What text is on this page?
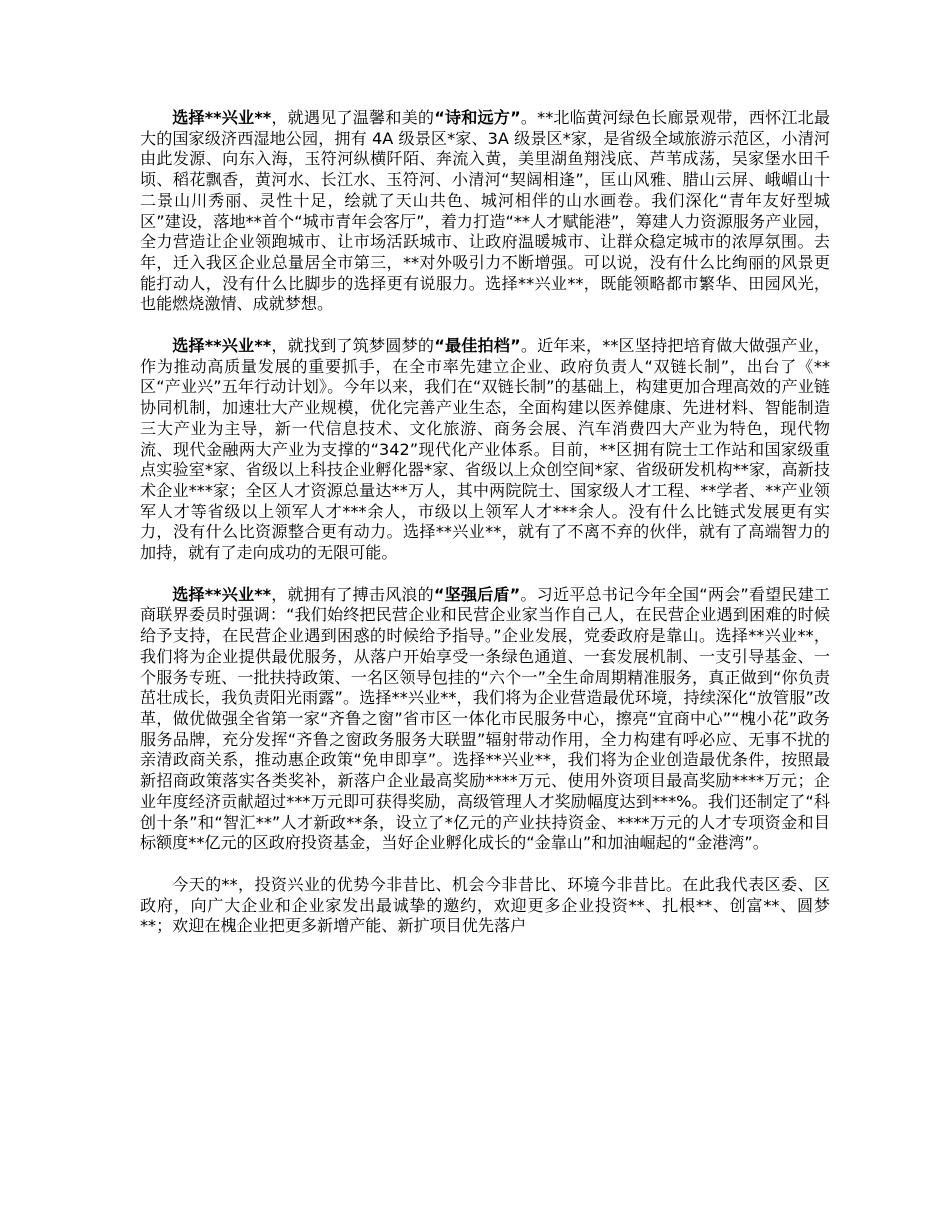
选择**兴业**，就遇见了温馨和美的“诗和远方”。**北临黄河绿色长廊景观带，西怀江北最大的国家级济西湿地公园，拥有 4A 级景区*家、3A 级景区*家，是省级全域旅游示范区，小清河由此发源、向东入海，玉符河纵横阡陌、奔流入黄，美里湖鱼翔浅底、芦苇成荡，吴家堡水田千顷、稻花飘香，黄河水、长江水、玉符河、小清河“契阔相逢”，匡山风雅、腊山云屏、峨嵋山十二景山川秀丽、灵性十足，绘就了天山共色、城河相伴的山水画卷。我们深化“青年友好型城区”建设，落地**首个“城市青年会客厅”，着力打造“**人才赋能港”，筹建人力资源服务产业园，全力营造让企业领跑城市、让市场活跃城市、让政府温暖城市、让群众稳定城市的浓厚氛围。去年，迁入我区企业总量居全市第三，**对外吸引力不断增强。可以说，没有什么比绚丽的风景更能打动人，没有什么比脚步的选择更有说服力。选择**兴业**，既能领略都市繁华、田园风光，也能燃烧激情、成就梦想。

选择**兴业**，就找到了筑梦圆梦的“最佳拍档”。近年来，**区坚持把培育做大做强产业，作为推动高质量发展的重要抓手，在全市率先建立企业、政府负责人“双链长制”，出台了《**区“产业兴”五年行动计划》。今年以来，我们在“双链长制”的基础上，构建更加合理高效的产业链协同机制，加速壮大产业规模，优化完善产业生态，全面构建以医养健康、先进材料、智能制造三大产业为主导，新一代信息技术、文化旅游、商务会展、汽车消费四大产业为特色，现代物流、现代金融两大产业为支撑的“342”现代化产业体系。目前，**区拥有院士工作站和国家级重点实验室*家、省级以上科技企业孵化器*家、省级以上众创空间*家、省级研发机构**家，高新技术企业***家；全区人才资源总量达**万人，其中两院院士、国家级人才工程、**学者、**产业领军人才等省级以上领军人才***余人，市级以上领军人才***余人。没有什么比链式发展更有实力，没有什么比资源整合更有动力。选择**兴业**，就有了不离不弃的伙伴，就有了高端智力的加持，就有了走向成功的无限可能。

选择**兴业**，就拥有了搏击风浪的“坚强后盾”。习近平总书记今年全国“两会”看望民建工商联界委员时强调：“我们始终把民营企业和民营企业家当作自己人，在民营企业遇到困难的时候给予支持，在民营企业遇到困惑的时候给予指导。”企业发展，党委政府是靠山。选择**兴业**，我们将为企业提供最优服务，从落户开始享受一条绿色通道、一套发展机制、一支引导基金、一个服务专班、一批扶持政策、一名区领导包挂的“六个一”全生命周期精准服务，真正做到“你负责茁壮成长，我负责阳光雨露”。选择**兴业**，我们将为企业营造最优环境，持续深化“放管服”改革，做优做强全省第一家“齐鲁之窗”省市区一体化市民服务中心，擦亮“宜商中心”“槐小花”政务服务品牌，充分发挥“齐鲁之窗政务服务大联盟”辐射带动作用，全力构建有呼必应、无事不扰的亲清政商关系，推动惠企政策“免申即享”。选择**兴业**，我们将为企业创造最优条件，按照最新招商政策落实各类奖补，新落户企业最高奖励****万元、使用外资项目最高奖励****万元；企业年度经济贡献超过***万元即可获得奖励，高级管理人才奖励幅度达到***%。我们还制定了“科创十条”和“智汇**”人才新政**条，设立了*亿元的产业扶持资金、****万元的人才专项资金和目标额度**亿元的区政府投资基金，当好企业孵化成长的“金靠山”和加油崛起的“金港湾”。

今天的**，投资兴业的优势今非昔比、机会今非昔比、环境今非昔比。在此我代表区委、区政府，向广大企业和企业家发出最诚挚的邀约，欢迎更多企业投资**、扎根**、创富**、圆梦**；欢迎在槐企业把更多新增产能、新扩项目优先落户
